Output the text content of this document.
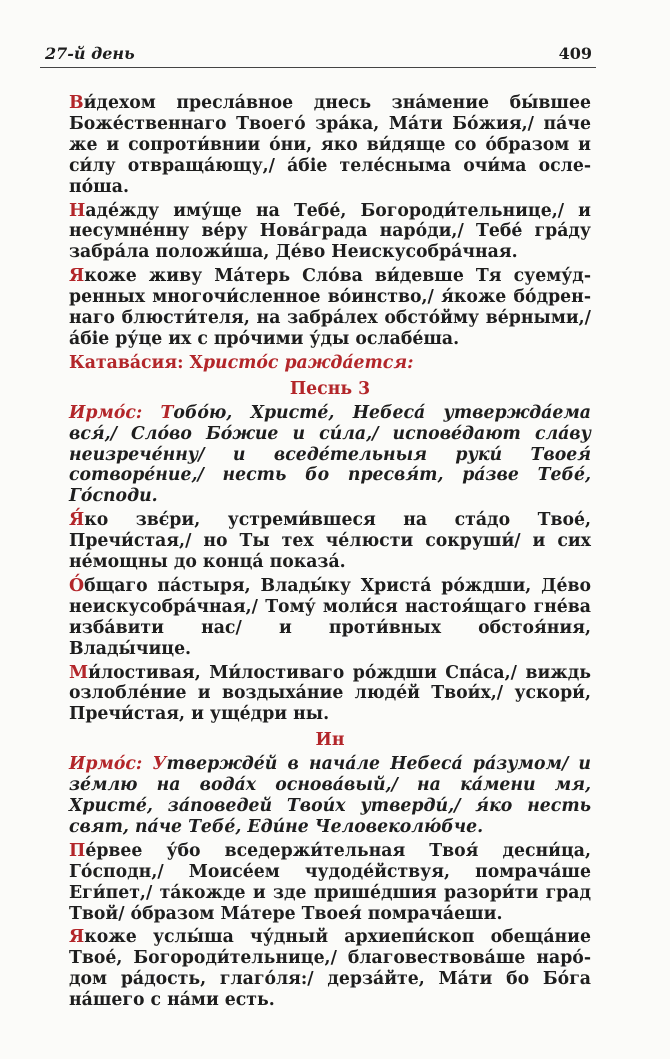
27-й день	409

Ви́дехом пресла́вное днесь зна́мение бы́вшее Боже́ственнаго Твоего́ зра́ка, Ма́ти Бо́жия,/ па́че же и сопроти́внии о́ни, яко ви́дяще со о́бразом и си́лу отвраща́ющу,/ а́біе теле́сныма очи́ма осле-по́ша.

Наде́жду иму́ще на Тебе́, Богороди́тельнице,/ и несумне́нну ве́ру Нова́града наро́ди,/ Тебе́ гра́ду забра́ла положи́ша, Де́во Неискусобра́чная.

Якоже живу Ма́терь Сло́ва ви́девше Тя суему́д-ренных многочи́сленное во́инство,/ я́коже бо́дрен-наго блюсти́теля, на забра́лех обсто́йму ве́рными,/ а́біе ру́це их с про́чими у́ды ослабе́ша.

Катава́сия: Христо́с ражда́ется:

Песнь 3

Ирмо́с: Тобо́ю, Христе́, Небеса́ утвержда́ема вся́,/ Сло́во Бо́жие и си́ла,/ испове́дают сла́ву неизрече́нну/ и вседе́тельныя руки́ Твоея́ сотворе́ние,/ несть бо пресвя́т, ра́зве Тебе́, Го́споди.

Я́ко звє́ри, устреми́вшеся на ста́до Твое́, Пречи́стая,/ но Ты тех че́люсти сокруши́/ и сих не́мощны до конца́ показа́.

О́бщаго па́стыря, Влады́ку Христа́ ро́ждши, Де́во неискусобра́чная,/ Тому́ моли́ся настоя́щаго гне́ва изба́вити нас/ и проти́вных обстоя́ния, Влады́чице.

Ми́лостивая, Ми́лостиваго ро́ждши Спа́са,/ виждь озлобле́ние и воздыха́ние люде́й Твои́х,/ ускори́, Пречи́стая, и уще́дри ны.

Ин

Ирмо́с: Утвержде́й в нача́ле Небеса́ ра́зумом/ и зе́млю на вода́х основа́вый,/ на ка́мени мя, Христе́, за́поведей Твои́х утверди́,/ я́ко несть свят, па́че Тебе́, Еди́не Человеколю́бче.

Пе́рвее у́бо вседержи́тельная Твоя́ десни́ца, Го́сподн,/ Моисе́ем чудоде́йствуя, помрача́ше Еги́пет,/ та́кожде и зде прише́дшия разори́ти град Твой/ о́бразом Ма́тере Твоея́ помрача́еши.

Якоже услы́ша чу́дный архиепи́скоп обеща́ние Твое́, Богороди́тельнице,/ благовествова́ше наро́-дом ра́дость, глаго́ля:/ дерза́йте, Ма́ти бо Бо́га на́шего с на́ми есть.
